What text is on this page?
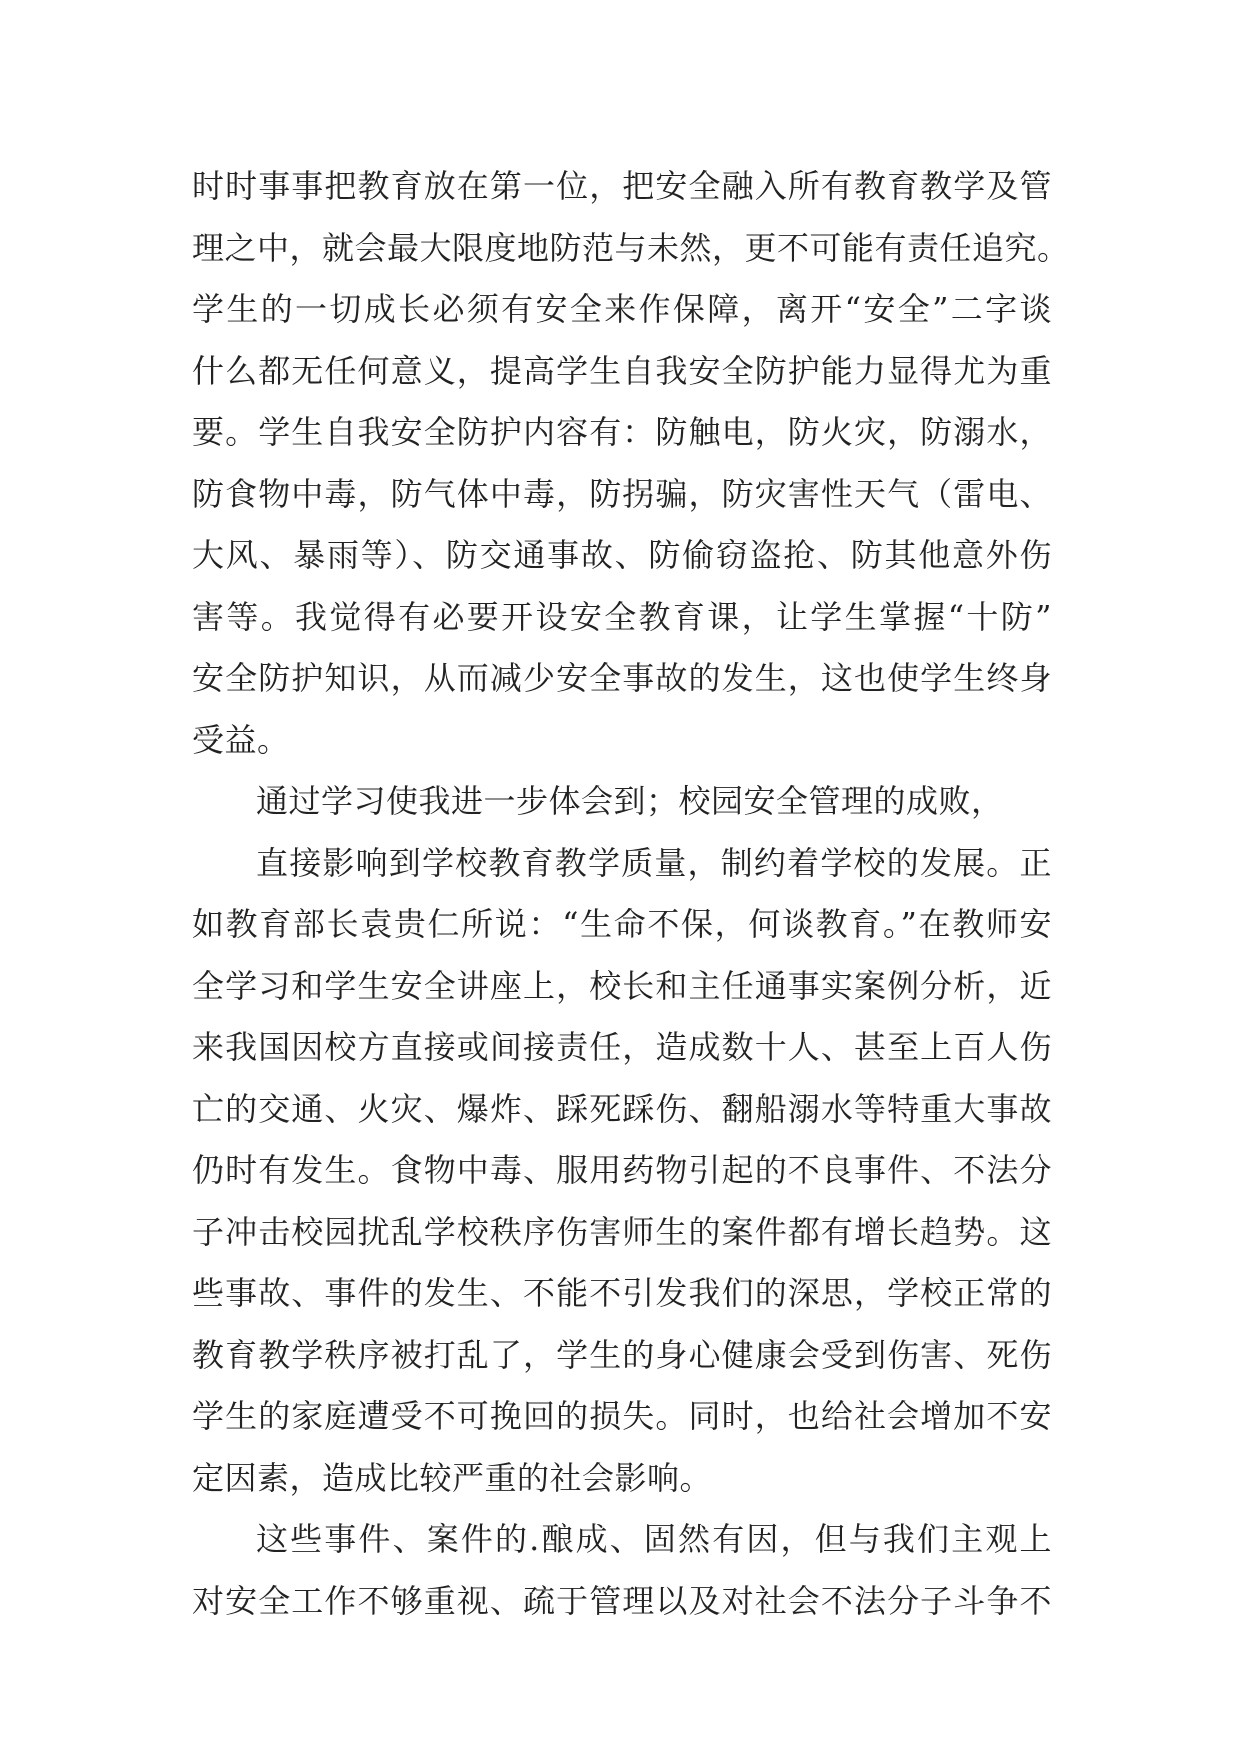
时时事事把教育放在第一位，把安全融入所有教育教学及管
理之中，就会最大限度地防范与未然，更不可能有责任追究。
学生的一切成长必须有安全来作保障，离开“安全”二字谈
什么都无任何意义，提高学生自我安全防护能力显得尤为重
要。学生自我安全防护内容有：防触电，防火灾，防溺水，
防食物中毒，防气体中毒，防拐骗，防灾害性天气（雷电、
大风、暴雨等）、防交通事故、防偷窃盗抢、防其他意外伤
害等。我觉得有必要开设安全教育课，让学生掌握“十防”
安全防护知识，从而减少安全事故的发生，这也使学生终身
受益。
通过学习使我进一步体会到；校园安全管理的成败，
直接影响到学校教育教学质量，制约着学校的发展。正
如教育部长袁贵仁所说：“生命不保，何谈教育。”在教师安
全学习和学生安全讲座上，校长和主任通事实案例分析，近
来我国因校方直接或间接责任，造成数十人、甚至上百人伤
亡的交通、火灾、爆炸、踩死踩伤、翻船溺水等特重大事故
仍时有发生。食物中毒、服用药物引起的不良事件、不法分
子冲击校园扰乱学校秩序伤害师生的案件都有增长趋势。这
些事故、事件的发生、不能不引发我们的深思，学校正常的
教育教学秩序被打乱了，学生的身心健康会受到伤害、死伤
学生的家庭遭受不可挽回的损失。同时，也给社会增加不安
定因素，造成比较严重的社会影响。
这些事件、案件的.酿成、固然有因，但与我们主观上
对安全工作不够重视、疏于管理以及对社会不法分子斗争不
